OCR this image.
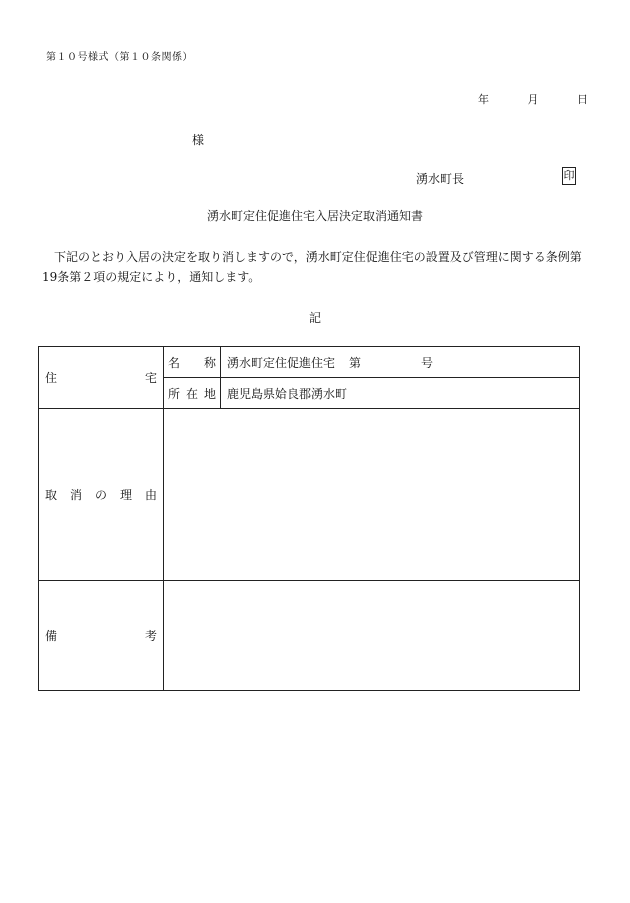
第１０号様式（第１０条関係）
年	月	日
様
湧水町長	印
湧水町定住促進住宅入居決定取消通知書

下記のとおり入居の決定を取り消しますので，湧水町定住促進住宅の設置及び管理に関する条例第19条第２項の規定により，通知します。

記
住 宅	名 称	湧水町定住促進住宅 第 号

	所 在 地	鹿児島県姶良郡湧水町

取 消 の 理 由		

備 考		
